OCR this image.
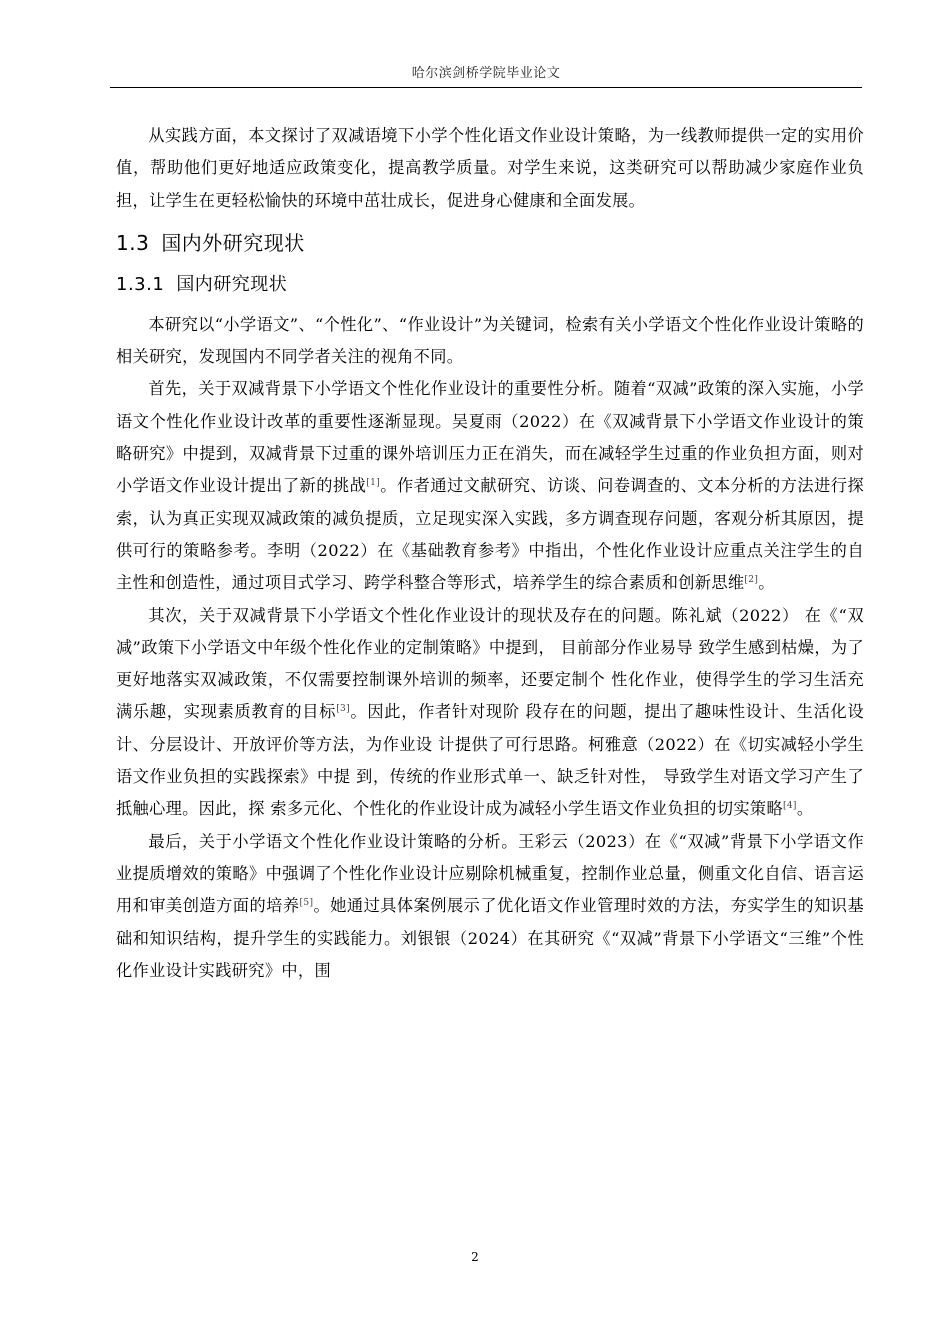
哈尔滨剑桥学院毕业论文

从实践方面，本文探讨了双减语境下小学个性化语文作业设计策略，为一线教师提供一定的实用价值，帮助他们更好地适应政策变化，提高教学质量。对学生来说，这类研究可以帮助减少家庭作业负担，让学生在更轻松愉快的环境中茁壮成长，促进身心健康和全面发展。

1.3 国内外研究现状
1.3.1 国内研究现状

本研究以“小学语文”、“个性化”、“作业设计”为关键词，检索有关小学语文个性化作业设计策略的相关研究，发现国内不同学者关注的视角不同。

首先，关于双减背景下小学语文个性化作业设计的重要性分析。随着“双减”政策的深入实施，小学语文个性化作业设计改革的重要性逐渐显现。吴夏雨（2022）在《双减背景下小学语文作业设计的策略研究》中提到，双减背景下过重的课外培训压力正在消失，而在减轻学生过重的作业负担方面，则对小学语文作业设计提出了新的挑战[1]。作者通过文献研究、访谈、问卷调查的、文本分析的方法进行探索，认为真正实现双减政策的减负提质，立足现实深入实践，多方调查现存问题，客观分析其原因，提供可行的策略参考。李明（2022）在《基础教育参考》中指出，个性化作业设计应重点关注学生的自主性和创造性，通过项目式学习、跨学科整合等形式，培养学生的综合素质和创新思维[2]。

其次，关于双减背景下小学语文个性化作业设计的现状及存在的问题。陈礼斌（2022） 在《“双减”政策下小学语文中年级个性化作业的定制策略》中提到， 目前部分作业易导 致学生感到枯燥，为了更好地落实双减政策，不仅需要控制课外培训的频率，还要定制个 性化作业，使得学生的学习生活充满乐趣，实现素质教育的目标[3]。因此，作者针对现阶 段存在的问题，提出了趣味性设计、生活化设计、分层设计、开放评价等方法，为作业设 计提供了可行思路。柯雅意（2022）在《切实减轻小学生语文作业负担的实践探索》中提 到，传统的作业形式单一、缺乏针对性， 导致学生对语文学习产生了抵触心理。因此，探 索多元化、个性化的作业设计成为减轻小学生语文作业负担的切实策略[4]。

最后，关于小学语文个性化作业设计策略的分析。王彩云（2023）在《“双减”背景下小学语文作业提质增效的策略》中强调了个性化作业设计应剔除机械重复，控制作业总量，侧重文化自信、语言运用和审美创造方面的培养[5]。她通过具体案例展示了优化语文作业管理时效的方法，夯实学生的知识基础和知识结构，提升学生的实践能力。刘银银（2024）在其研究《“双减”背景下小学语文“三维”个性化作业设计实践研究》中，围

2
